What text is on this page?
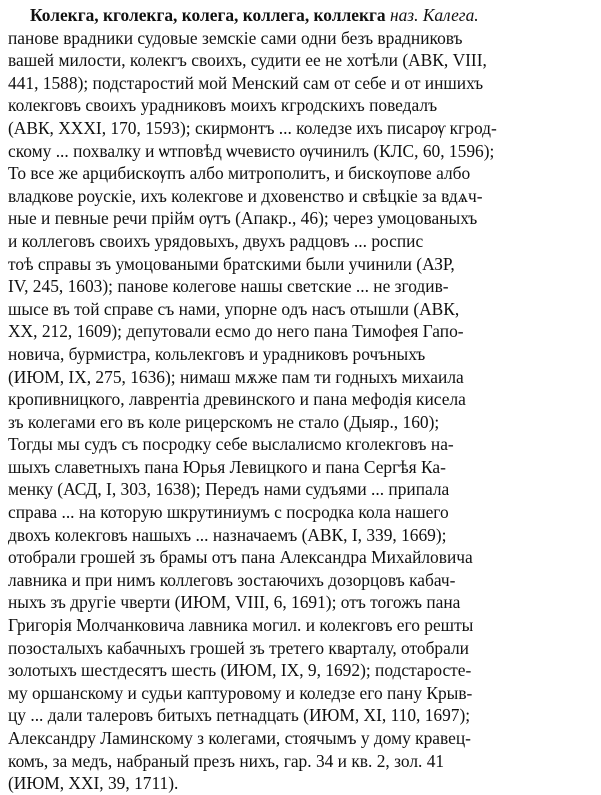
Колекга, кголекга, колега, коллега, коллекга наз. Калега.
панове врадники судовые земскіе сами одни безъ врадниковъ
вашей милости, колекгъ своихъ, судити ее не хотѣли (АВК, VIII,
441, 1588); подстаростий мой Менский сам от себе и от иншихъ
колекговъ своихъ урадниковъ моихъ кгродскихъ поведалъ
(АВК, XXXI, 170, 1593); скирмонтъ ... коледзе ихъ писарѹ кгрод-
скому ... похвалку и ѡтповѣд ѡчевисто ѹчинилъ (КЛС, 60, 1596);
То все же арцибискѹпъ албо митрополитъ, и бискѹпове албо
владкове роускіе, ихъ колекгове и дховенство и свѣцкіе за вдѧч-
ные и певные речи прійм ѹтъ (Апакр., 46); через умоцованыхъ
и коллеговъ своихъ урядовыхъ, двухъ радцовъ ... роспис
тоѣ справы зъ умоцоваными братскими были учинили (АЗР,
IV, 245, 1603); панове колегове нашы светские ... не згодив-
шысе въ той справе съ нами, упорне одъ насъ отышли (АВК,
XX, 212, 1609); депутовали есмо до него пана Тимофея Гапо-
новича, бурмистра, кольлекговъ и урадниковъ рочъныхъ
(ИЮМ, IX, 275, 1636); нимаш мѫже пам ти годныхъ михаила
кропивницкого, лаврентіа древинского и пана мефодія кисела
зъ колегами его въ коле рицерскомъ не стало (Дыяр., 160);
Тогды мы судъ съ посродку себе выслалисмо кголекговъ на-
шыхъ славетныхъ пана Юрья Левицкого и пана Сергѣя Ка-
менку (АСД, I, 303, 1638); Передъ нами судъями ... припала
справа ... на которую шкрутиниумъ с посродка кола нашего
двохъ колекговъ нашыхъ ... назначаемъ (АВК, I, 339, 1669);
отобрали грошей зъ брамы отъ пана Александра Михайловича
лавника и при нимъ коллеговъ зостаючихъ дозорцовъ кабач-
ныхъ зъ другіе чверти (ИЮМ, VIII, 6, 1691); отъ тогожъ пана
Григорія Молчанковича лавника могил. и колекговъ его решты
позосталыхъ кабачныхъ грошей зъ третего кварталу, отобрали
золотыхъ шестдесятъ шесть (ИЮМ, IX, 9, 1692); подстаросте-
му оршанскому и судьи каптуровому и коледзе его пану Крыв-
цу ... дали талеровъ битыхъ петнадцать (ИЮМ, XI, 110, 1697);
Александру Ламинскому з колегами, стоячымъ у дому кравец-
комъ, за медъ, набраный презъ нихъ, гар. 34 и кв. 2, зол. 41
(ИЮМ, XXI, 39, 1711).
